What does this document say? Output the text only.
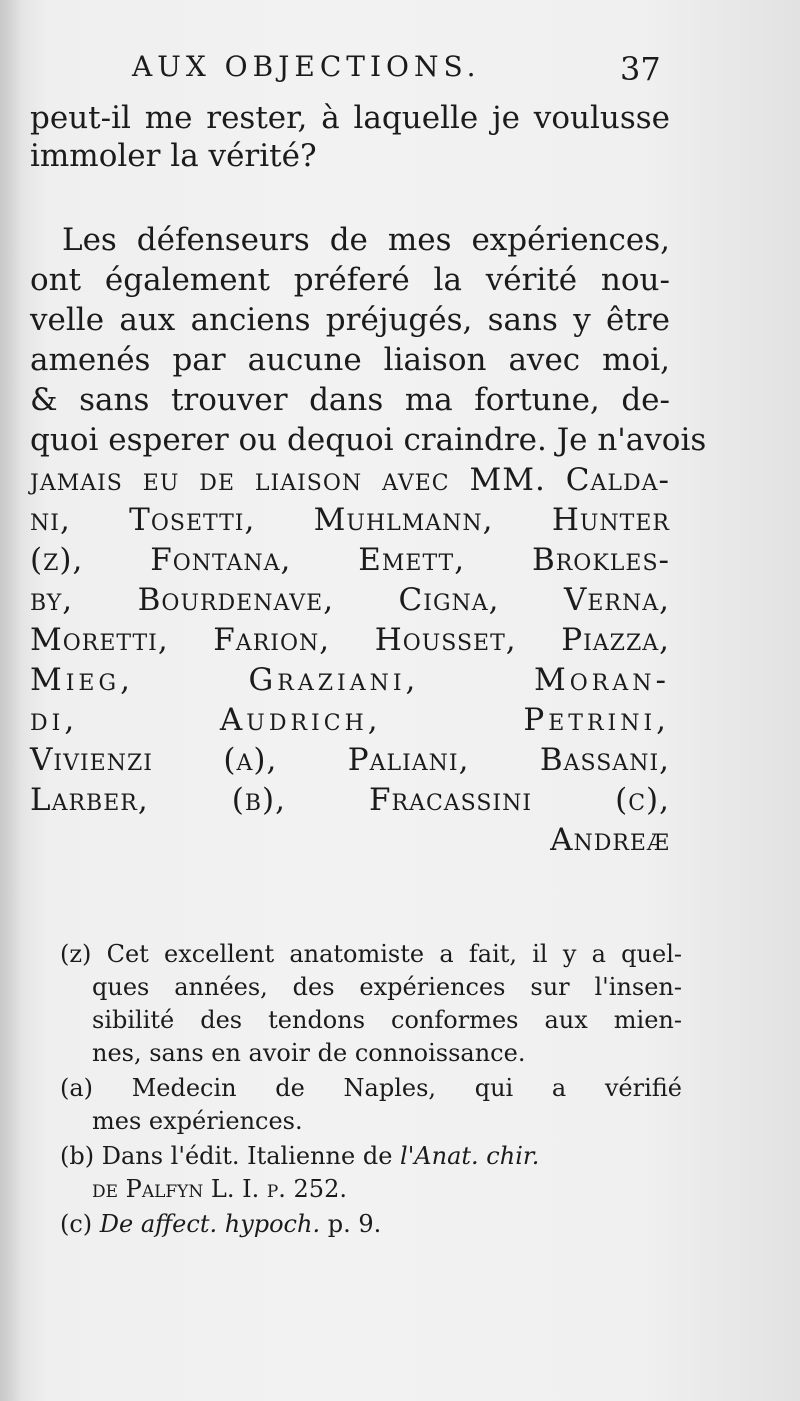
AUX OBJECTIONS.	37
peut-il me rester, à laquelle je voulusse
immoler la vérité?
Les défenseurs de mes expériences,
ont également préferé la vérité nou-
velle aux anciens préjugés, sans y être
amenés par aucune liaison avec moi,
& sans trouver dans ma fortune, de-
quoi esperer ou dequoi craindre. Je n'avois
jamais eu de liaison avec MM. Calda-
ni, Tosetti, Muhlmann, Hunter
(z), Fontana, Emett, Brokles-
by, Bourdenave, Cigna, Verna,
Moretti, Farion, Housset, Piazza,
Mieg, Graziani, Moran-
di, Audrich, Petrini,
Vivienzi (a), Paliani, Bassani,
Larber, (b), Fracassini (c),
Andreæ
(z) Cet excellent anatomiste a fait, il y a quel-
ques années, des expériences sur l'insen-
sibilité des tendons conformes aux mien-
nes, sans en avoir de connoissance.
(a) Medecin de Naples, qui a vérifié
mes expériences.
(b) Dans l'édit. Italienne de l'Anat. chir.
de Palfyn L. I. p. 252.
(c) De affect. hypoch. p. 9.
